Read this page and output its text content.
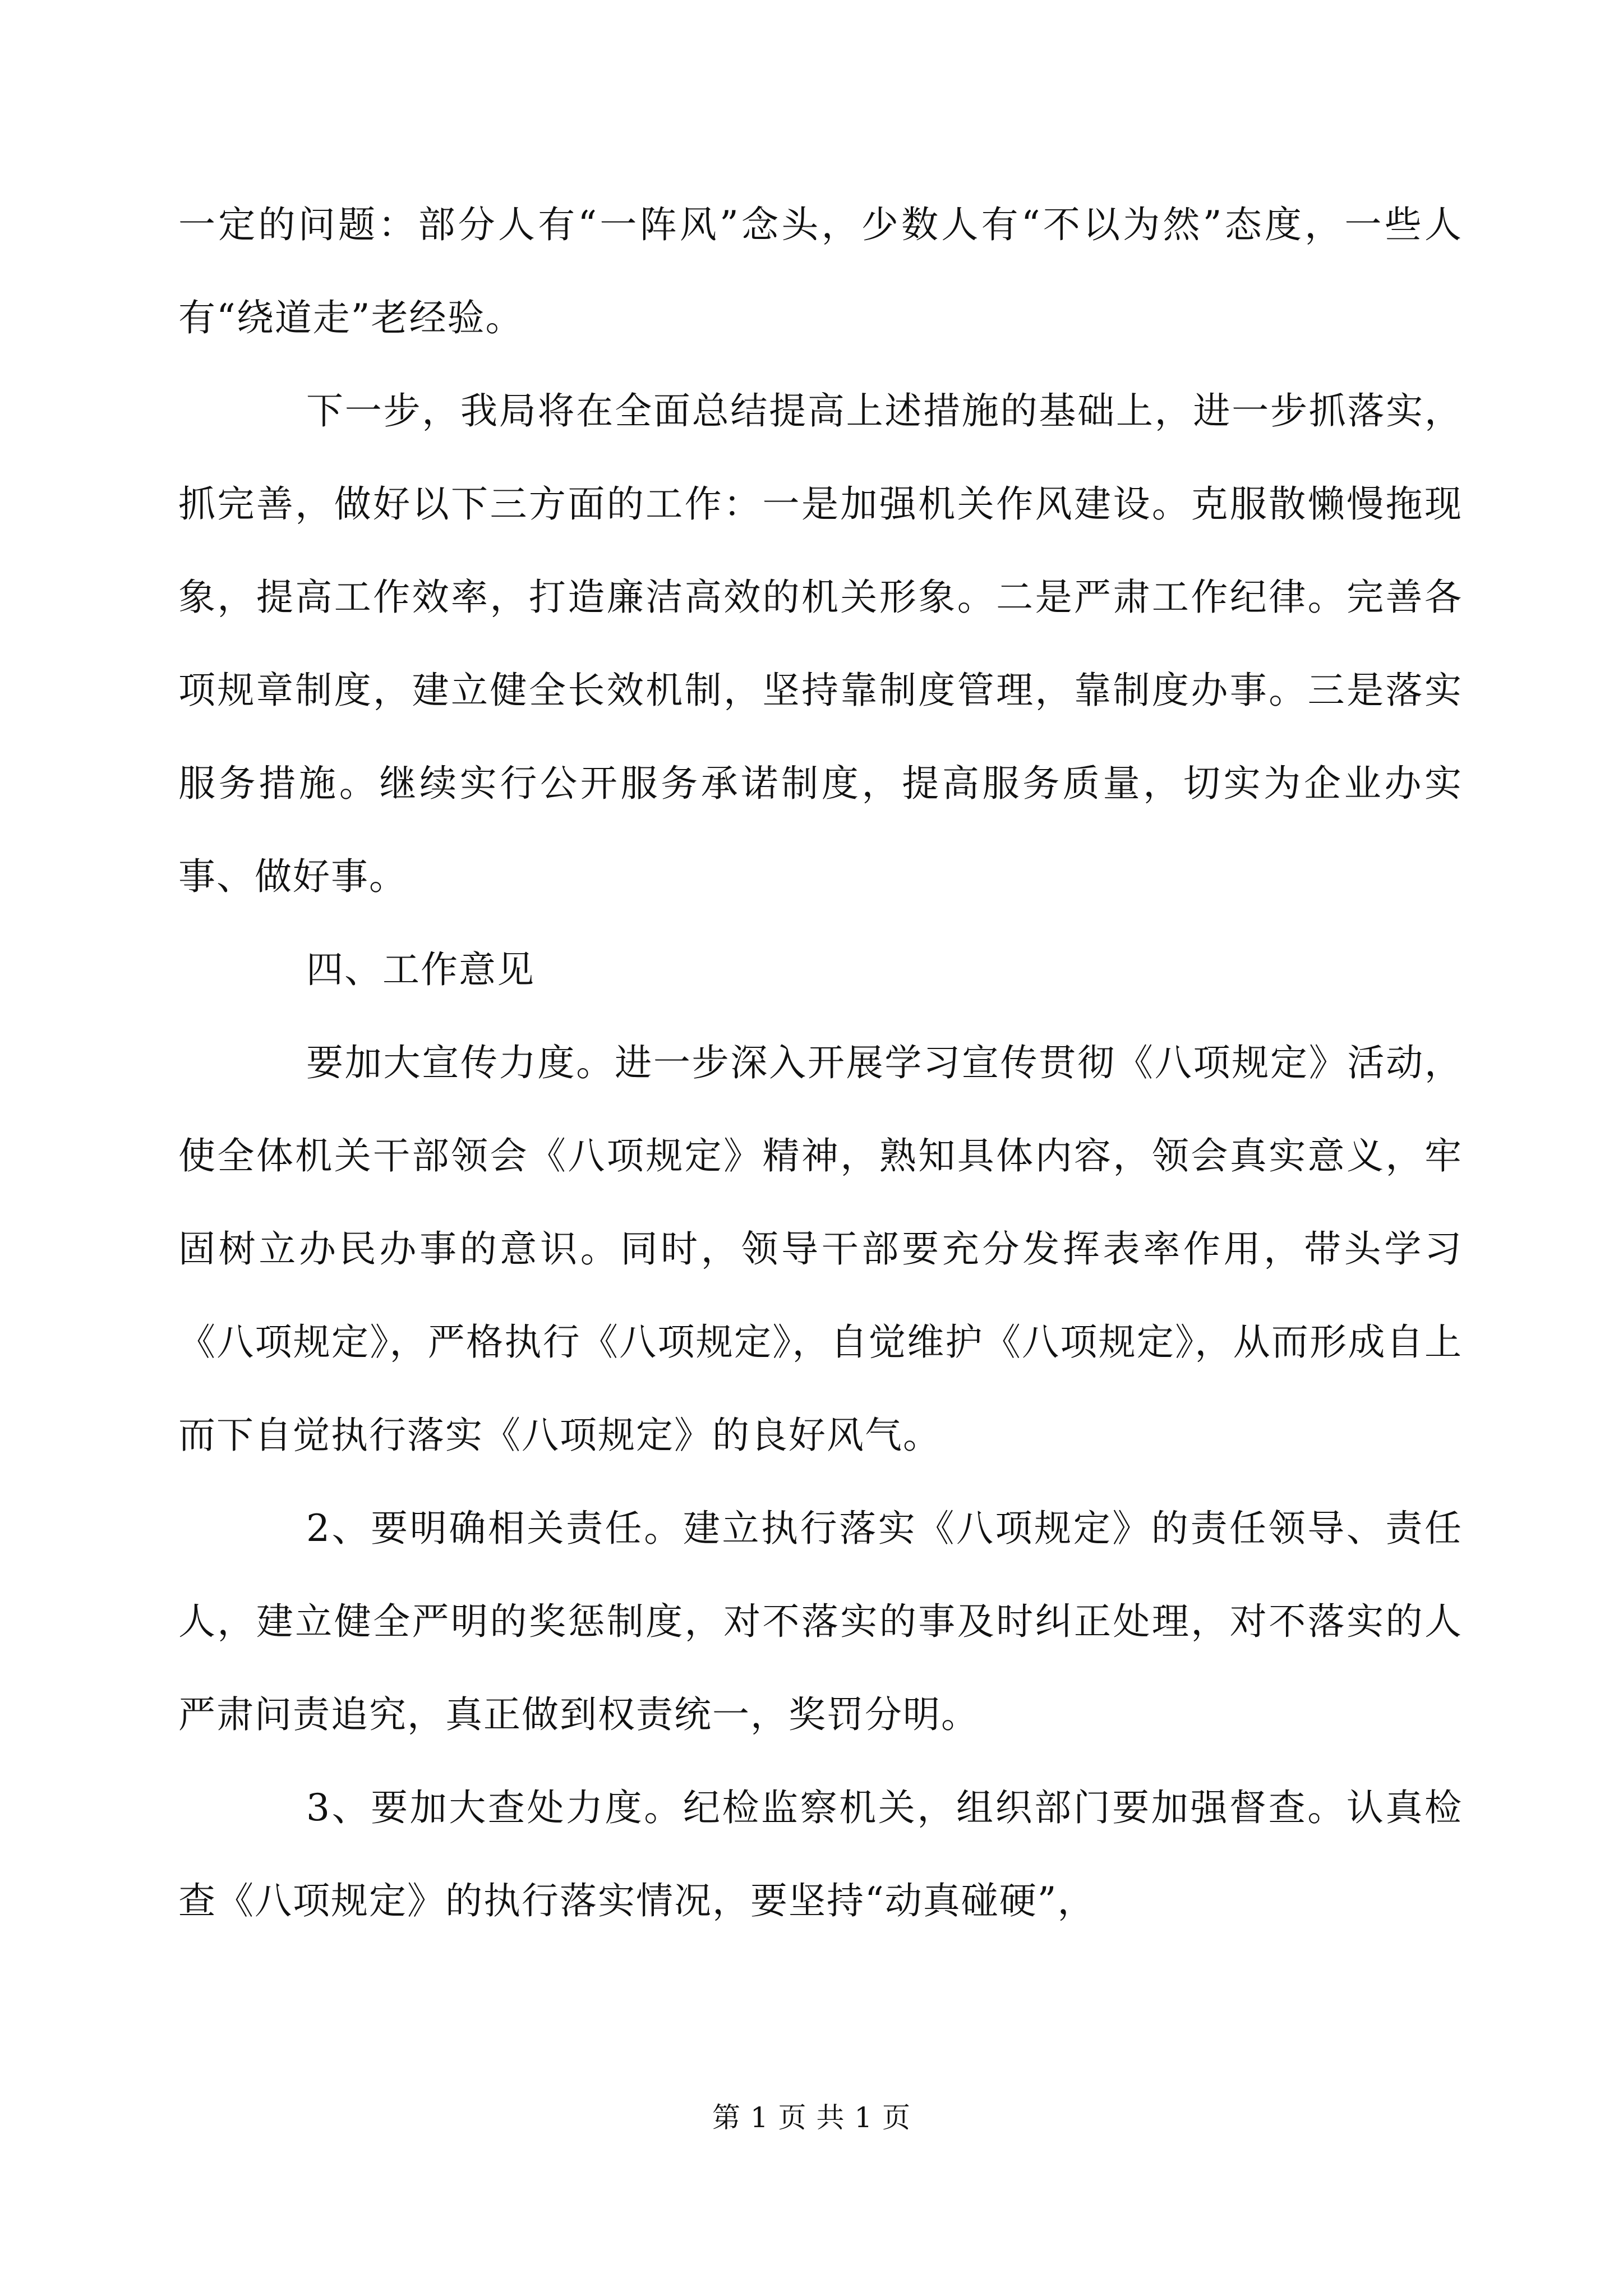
一定的问题：部分人有“一阵风”念头，少数人有“不以为然”态度，一些人有“绕道走”老经验。

下一步，我局将在全面总结提高上述措施的基础上，进一步抓落实，抓完善，做好以下三方面的工作：一是加强机关作风建设。克服散懒慢拖现象，提高工作效率，打造廉洁高效的机关形象。二是严肃工作纪律。完善各项规章制度，建立健全长效机制，坚持靠制度管理，靠制度办事。三是落实服务措施。继续实行公开服务承诺制度，提高服务质量，切实为企业办实事、做好事。

四、工作意见

要加大宣传力度。进一步深入开展学习宣传贯彻《八项规定》活动，使全体机关干部领会《八项规定》精神，熟知具体内容，领会真实意义，牢固树立办民办事的意识。同时，领导干部要充分发挥表率作用，带头学习《八项规定》，严格执行《八项规定》，自觉维护《八项规定》，从而形成自上而下自觉执行落实《八项规定》的良好风气。

2、要明确相关责任。建立执行落实《八项规定》的责任领导、责任人，建立健全严明的奖惩制度，对不落实的事及时纠正处理，对不落实的人严肃问责追究，真正做到权责统一，奖罚分明。

3、要加大查处力度。纪检监察机关，组织部门要加强督查。认真检查《八项规定》的执行落实情况，要坚持“动真碰硬”，

第 1 页 共 1 页
